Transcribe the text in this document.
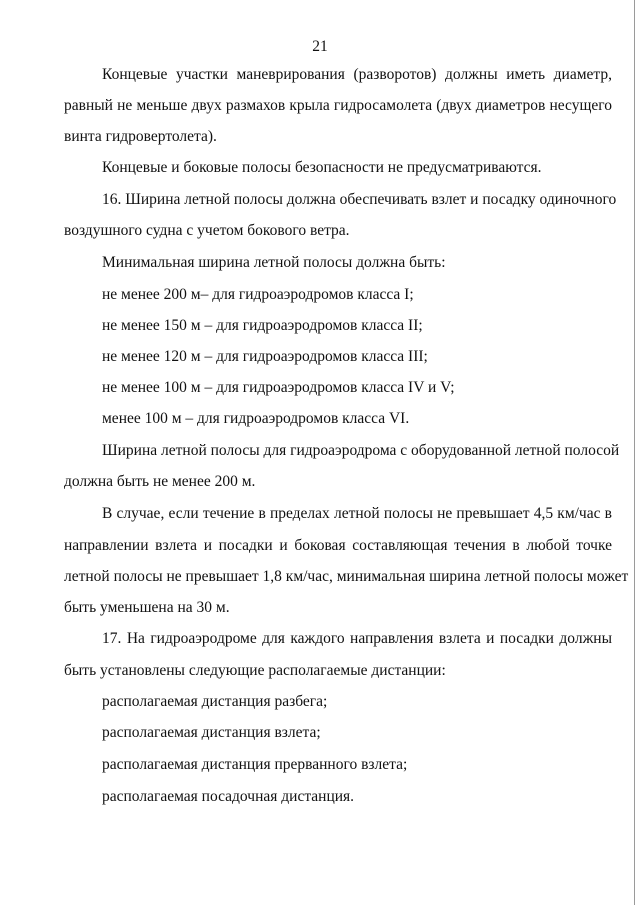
21
Концевые участки маневрирования (разворотов) должны иметь диаметр,
равный не меньше двух размахов крыла гидросамолета (двух диаметров несущего
винта гидровертолета).
Концевые и боковые полосы безопасности не предусматриваются.
16. Ширина летной полосы должна обеспечивать взлет и посадку одиночного
воздушного судна с учетом бокового ветра.
Минимальная ширина летной полосы должна быть:
не менее 200 м– для гидроаэродромов класса I;
не менее 150 м – для гидроаэродромов класса II;
не менее 120 м – для гидроаэродромов класса III;
не менее 100 м – для гидроаэродромов класса IV и V;
менее 100 м – для гидроаэродромов класса VI.
Ширина летной полосы для гидроаэродрома с оборудованной летной полосой
должна быть не менее 200 м.
В случае, если течение в пределах летной полосы не превышает 4,5 км/час в
направлении взлета и посадки и боковая составляющая течения в любой точке
летной полосы не превышает 1,8 км/час, минимальная ширина летной полосы может
быть уменьшена на 30 м.
17. На гидроаэродроме для каждого направления взлета и посадки должны
быть установлены следующие располагаемые дистанции:
располагаемая дистанция разбега;
располагаемая дистанция взлета;
располагаемая дистанция прерванного взлета;
располагаемая посадочная дистанция.
